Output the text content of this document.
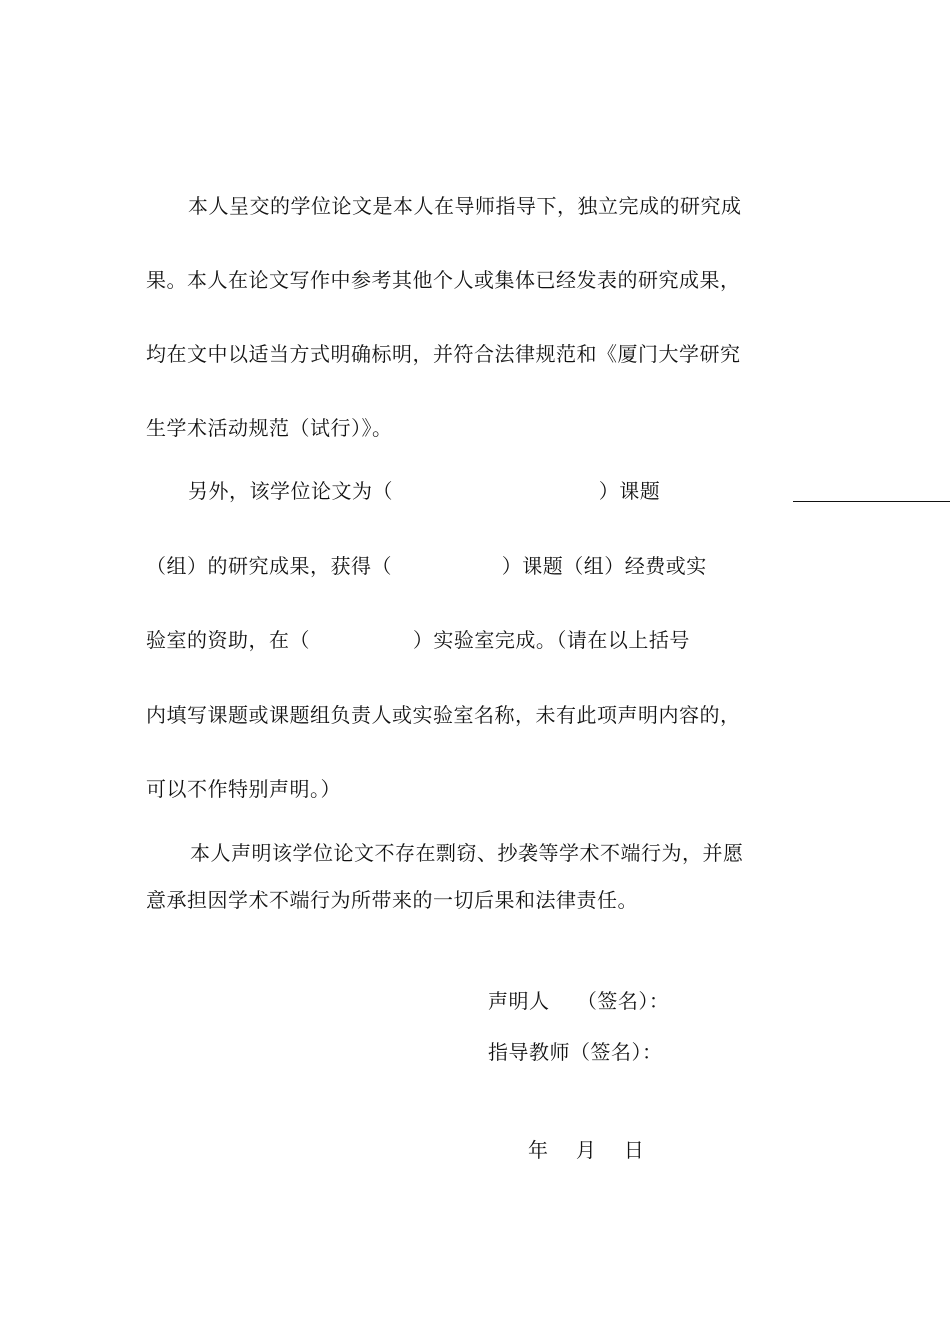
本人呈交的学位论文是本人在导师指导下，独立完成的研究成
果。本人在论文写作中参考其他个人或集体已经发表的研究成果，
均在文中以适当方式明确标明，并符合法律规范和《厦门大学研究
生学术活动规范（试行）》。
另外，该学位论文为（                              ）课题
（组）的研究成果，获得（                ）课题（组）经费或实
验室的资助，在（               ）实验室完成。（请在以上括号
内填写课题或课题组负责人或实验室名称，未有此项声明内容的，
可以不作特别声明。）
本人声明该学位论文不存在剽窃、抄袭等学术不端行为，并愿
意承担因学术不端行为所带来的一切后果和法律责任。
声明人    （签名）：
指导教师（签名）：
年    月    日
